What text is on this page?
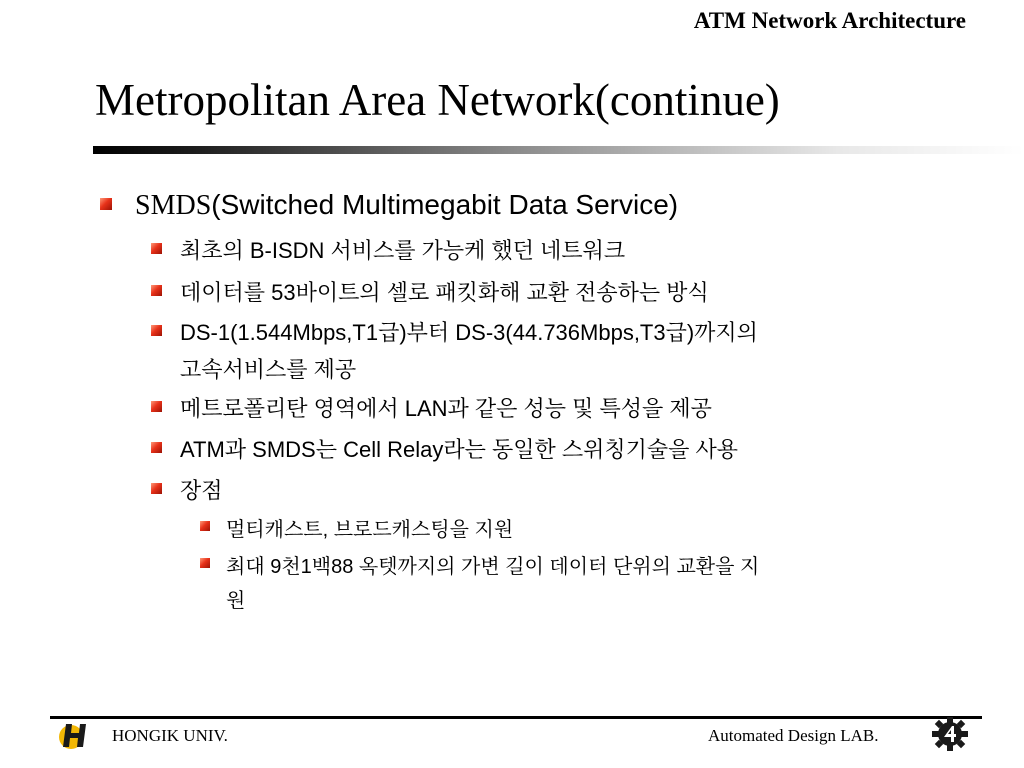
ATM Network Architecture
Metropolitan Area Network(continue)
SMDS(Switched Multimegabit Data Service)
최초의 B-ISDN 서비스를 가능케 했던 네트워크
데이터를 53바이트의 셀로 패킷화해 교환 전송하는 방식
DS-1(1.544Mbps,T1급)부터 DS-3(44.736Mbps,T3급)까지의
고속서비스를 제공
메트로폴리탄 영역에서 LAN과 같은 성능 및 특성을 제공
ATM과 SMDS는 Cell Relay라는 동일한 스위칭기술을 사용
장점
멀티캐스트, 브로드캐스팅을 지원
최대 9천1백88 옥텟까지의 가변 길이 데이터 단위의 교환을 지
원
HONGIK UNIV.	Automated Design LAB.
